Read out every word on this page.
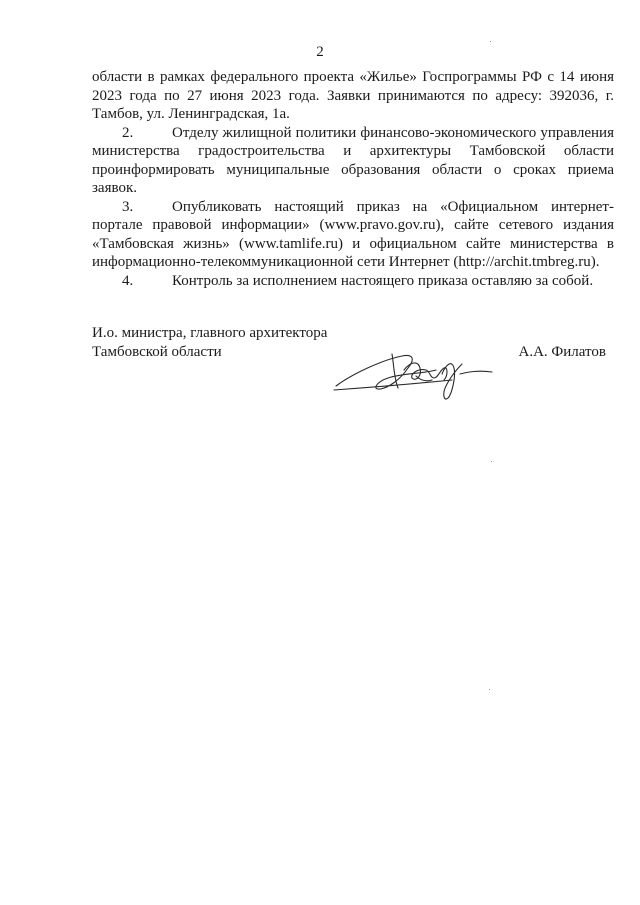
2

области в рамках федерального проекта «Жилье» Госпрограммы РФ с 14 июня 2023 года по 27 июня 2023 года. Заявки принимаются по адресу: 392036, г. Тамбов, ул. Ленинградская, 1а.

2.	Отделу жилищной политики финансово-экономического управления министерства градостроительства и архитектуры Тамбовской области проинформировать муниципальные образования области о сроках приема заявок.

3.	Опубликовать настоящий приказ на «Официальном интернет-портале правовой информации» (www.pravo.gov.ru), сайте сетевого издания «Тамбовская жизнь» (www.tamlife.ru) и официальном сайте министерства в информационно-телекоммуникационной сети Интернет (http://archit.tmbreg.ru).

4.	Контроль за исполнением настоящего приказа оставляю за собой.

И.о. министра, главного архитектора
Тамбовской области	А.А. Филатов
